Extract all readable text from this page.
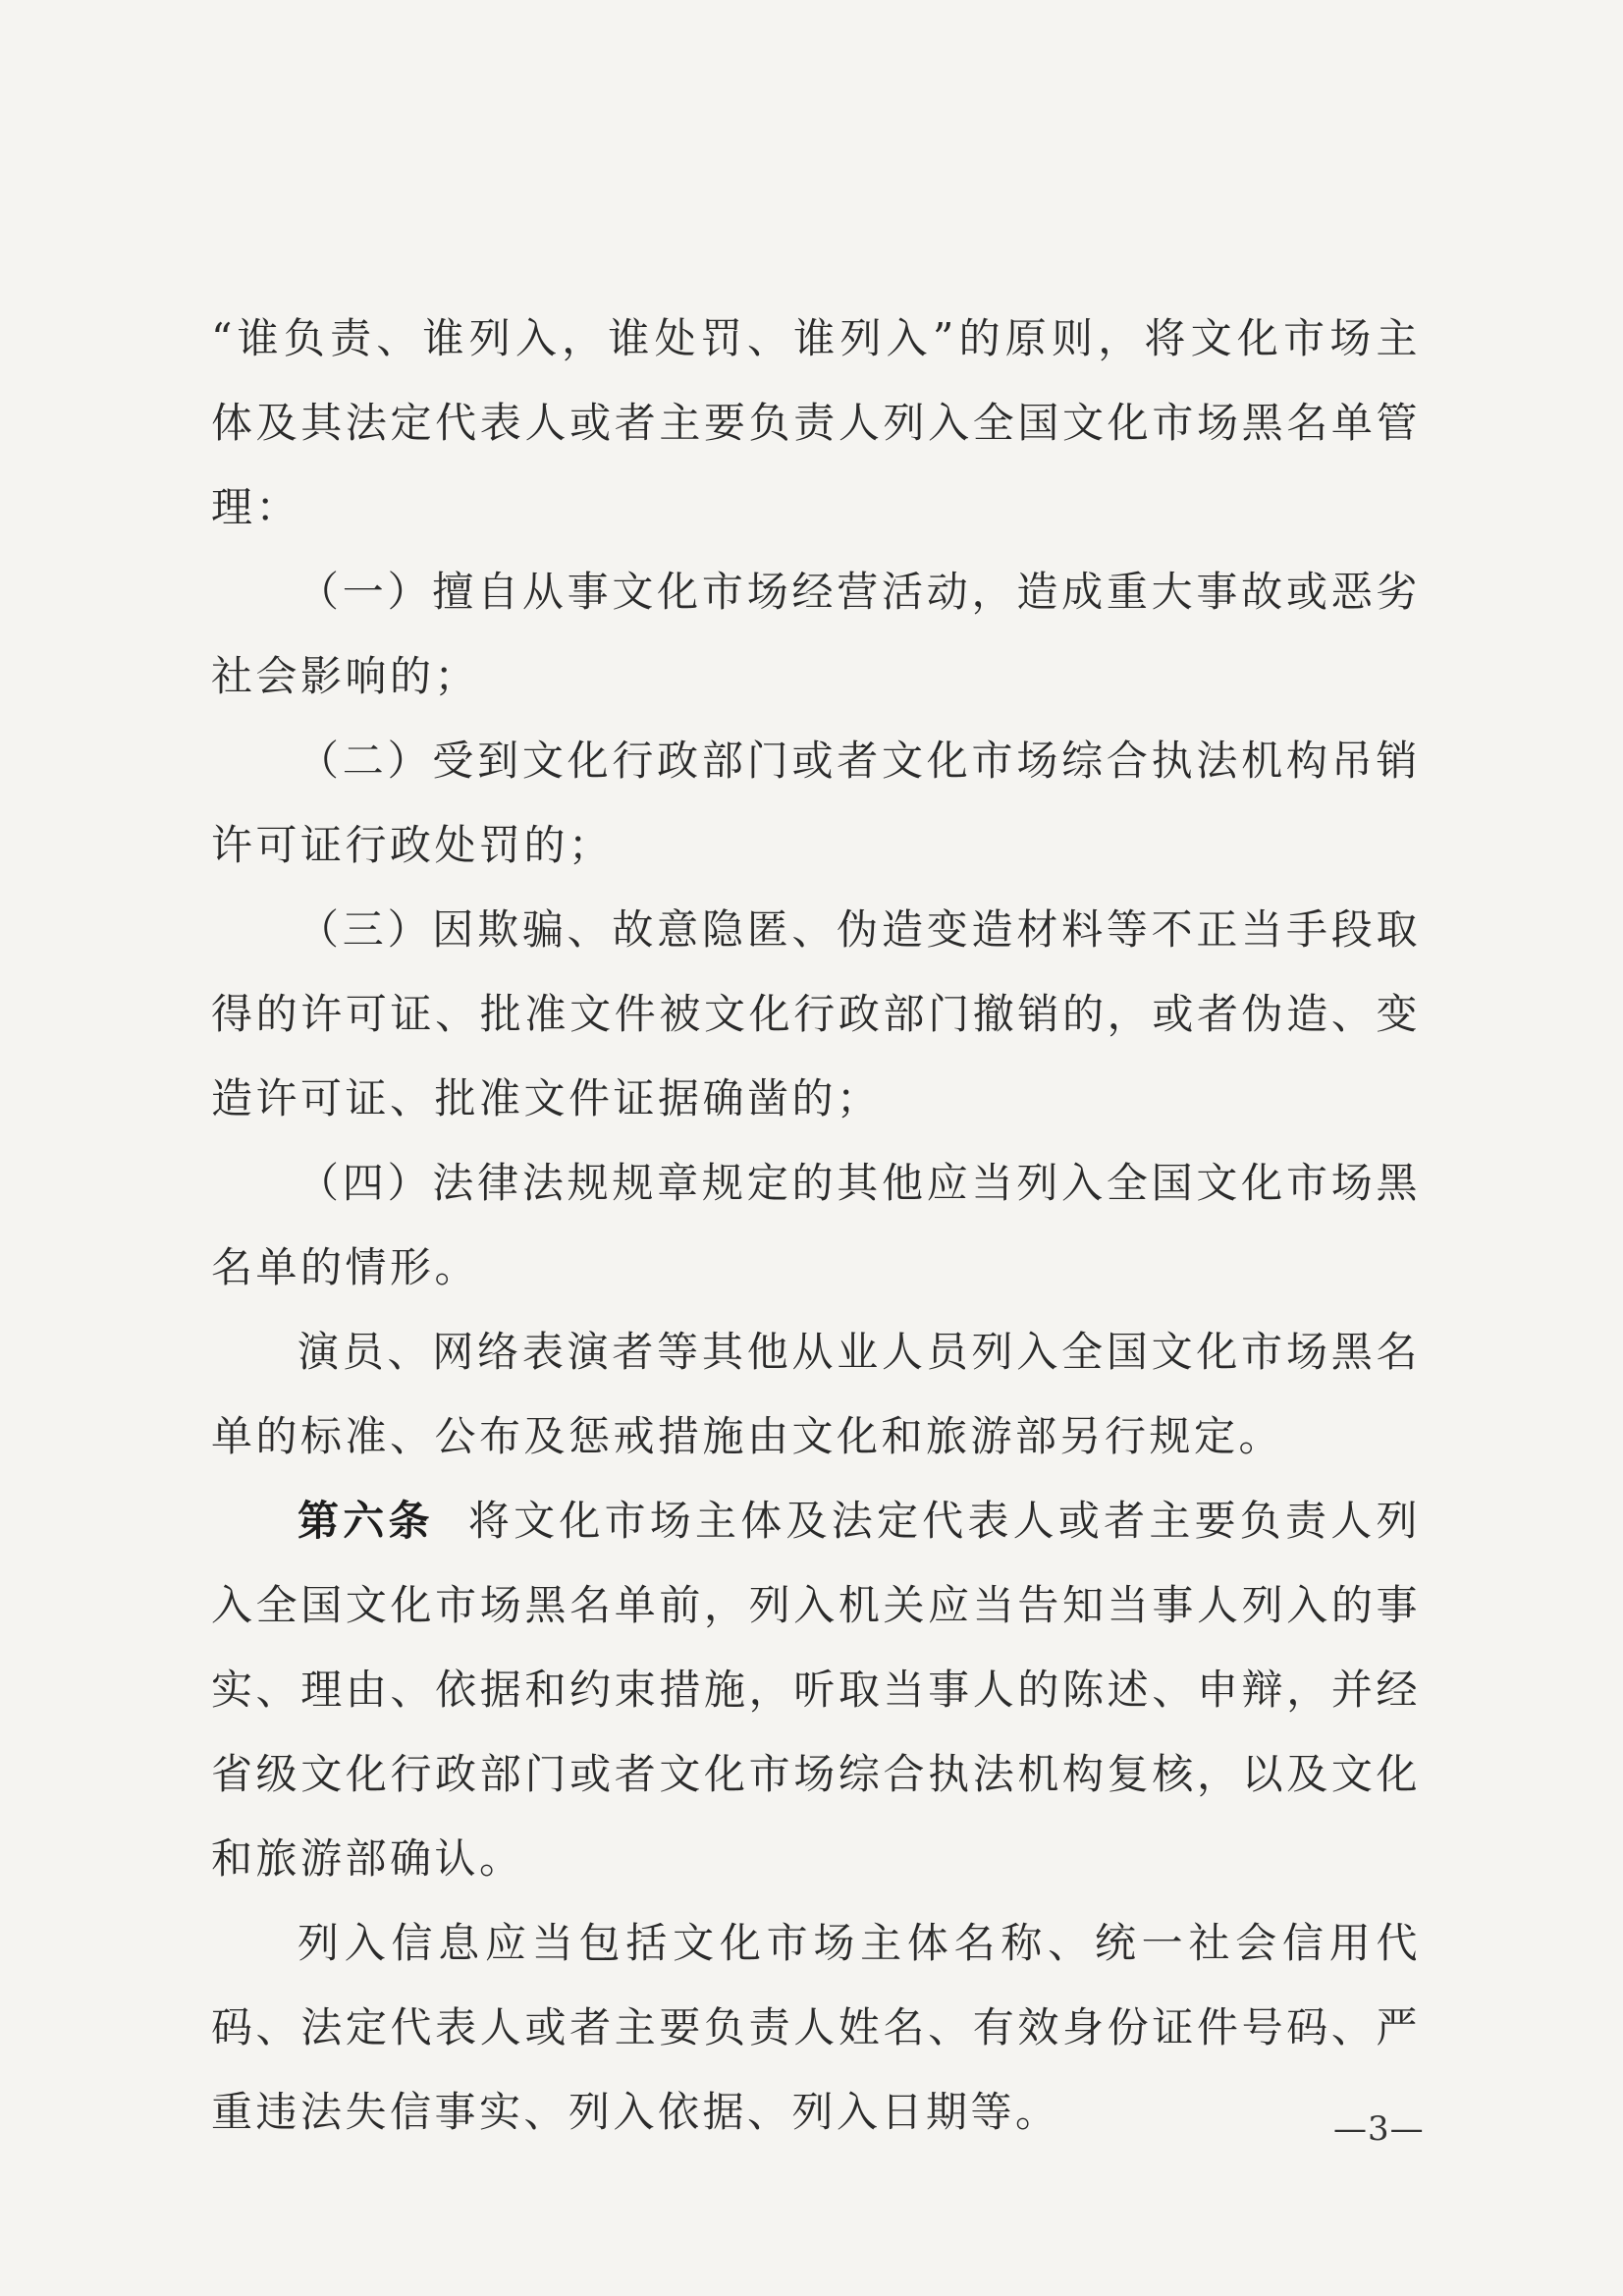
“谁负责、谁列入，谁处罚、谁列入”的原则，将文化市场主体及其法定代表人或者主要负责人列入全国文化市场黑名单管理：

（一）擅自从事文化市场经营活动，造成重大事故或恶劣社会影响的；

（二）受到文化行政部门或者文化市场综合执法机构吊销许可证行政处罚的；

（三）因欺骗、故意隐匿、伪造变造材料等不正当手段取得的许可证、批准文件被文化行政部门撤销的，或者伪造、变造许可证、批准文件证据确凿的；

（四）法律法规规章规定的其他应当列入全国文化市场黑名单的情形。

演员、网络表演者等其他从业人员列入全国文化市场黑名单的标准、公布及惩戒措施由文化和旅游部另行规定。

第六条 将文化市场主体及法定代表人或者主要负责人列入全国文化市场黑名单前，列入机关应当告知当事人列入的事实、理由、依据和约束措施，听取当事人的陈述、申辩，并经省级文化行政部门或者文化市场综合执法机构复核，以及文化和旅游部确认。

列入信息应当包括文化市场主体名称、统一社会信用代码、法定代表人或者主要负责人姓名、有效身份证件号码、严重违法失信事实、列入依据、列入日期等。	—3—
